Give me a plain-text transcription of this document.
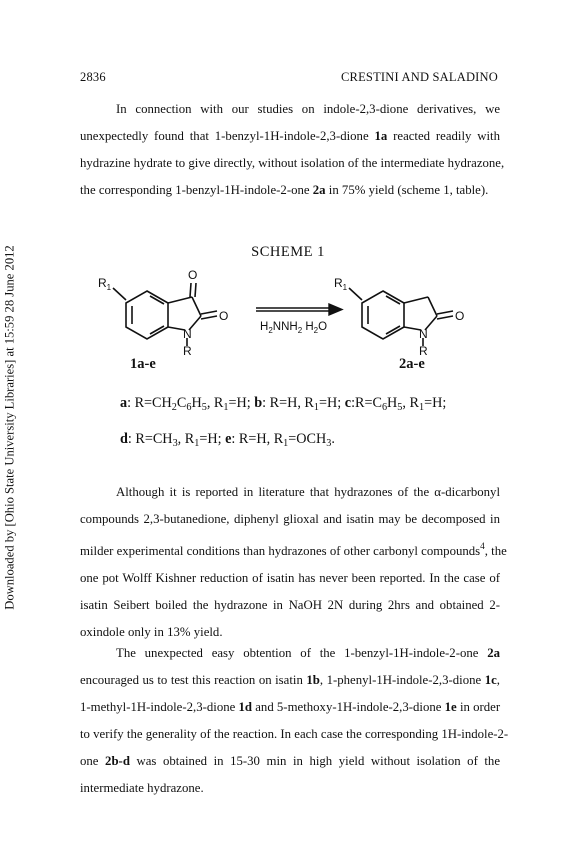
2836	CRESTINI AND SALADINO
Downloaded by [Ohio State University Libraries] at 15:59 28 June 2012
In connection with our studies on indole-2,3-dione derivatives, we
unexpectedly found that 1-benzyl-1H-indole-2,3-dione 1a reacted readily with
hydrazine hydrate to give directly, without isolation of the intermediate hydrazone,
the corresponding 1-benzyl-1H-indole-2-one 2a in 75% yield (scheme 1, table).
SCHEME 1
O
O
N
R
$R_1$
$H_2NNH_2$ $H_2O$
O
N
R
$R_1$
1a-e	2a-e
a: $R=CH_2C_6H_5$, $R_1=H$; b: R=H, $R_1=H$; $c:R=C_6H_5$, $R_1=H$;
d: $R=CH_3$, $R_1=H$; e: R=H, $R_1=OCH_3$.
Although it is reported in literature that hydrazones of the α-dicarbonyl
compounds 2,3-butanedione, diphenyl glioxal and isatin may be decomposed in
milder experimental conditions than hydrazones of other carbonyl compounds$^4$, the
one pot Wolff Kishner reduction of isatin has never been reported. In the case of
isatin Seibert boiled the hydrazone in NaOH 2N during 2hrs and obtained 2-
oxindole only in 13% yield.
The unexpected easy obtention of the 1-benzyl-1H-indole-2-one 2a
encouraged us to test this reaction on isatin 1b, 1-phenyl-1H-indole-2,3-dione 1c,
1-methyl-1H-indole-2,3-dione 1d and 5-methoxy-1H-indole-2,3-dione 1e in order
to verify the generality of the reaction. In each case the corresponding 1H-indole-2-
one 2b-d was obtained in 15-30 min in high yield without isolation of the
intermediate hydrazone.
